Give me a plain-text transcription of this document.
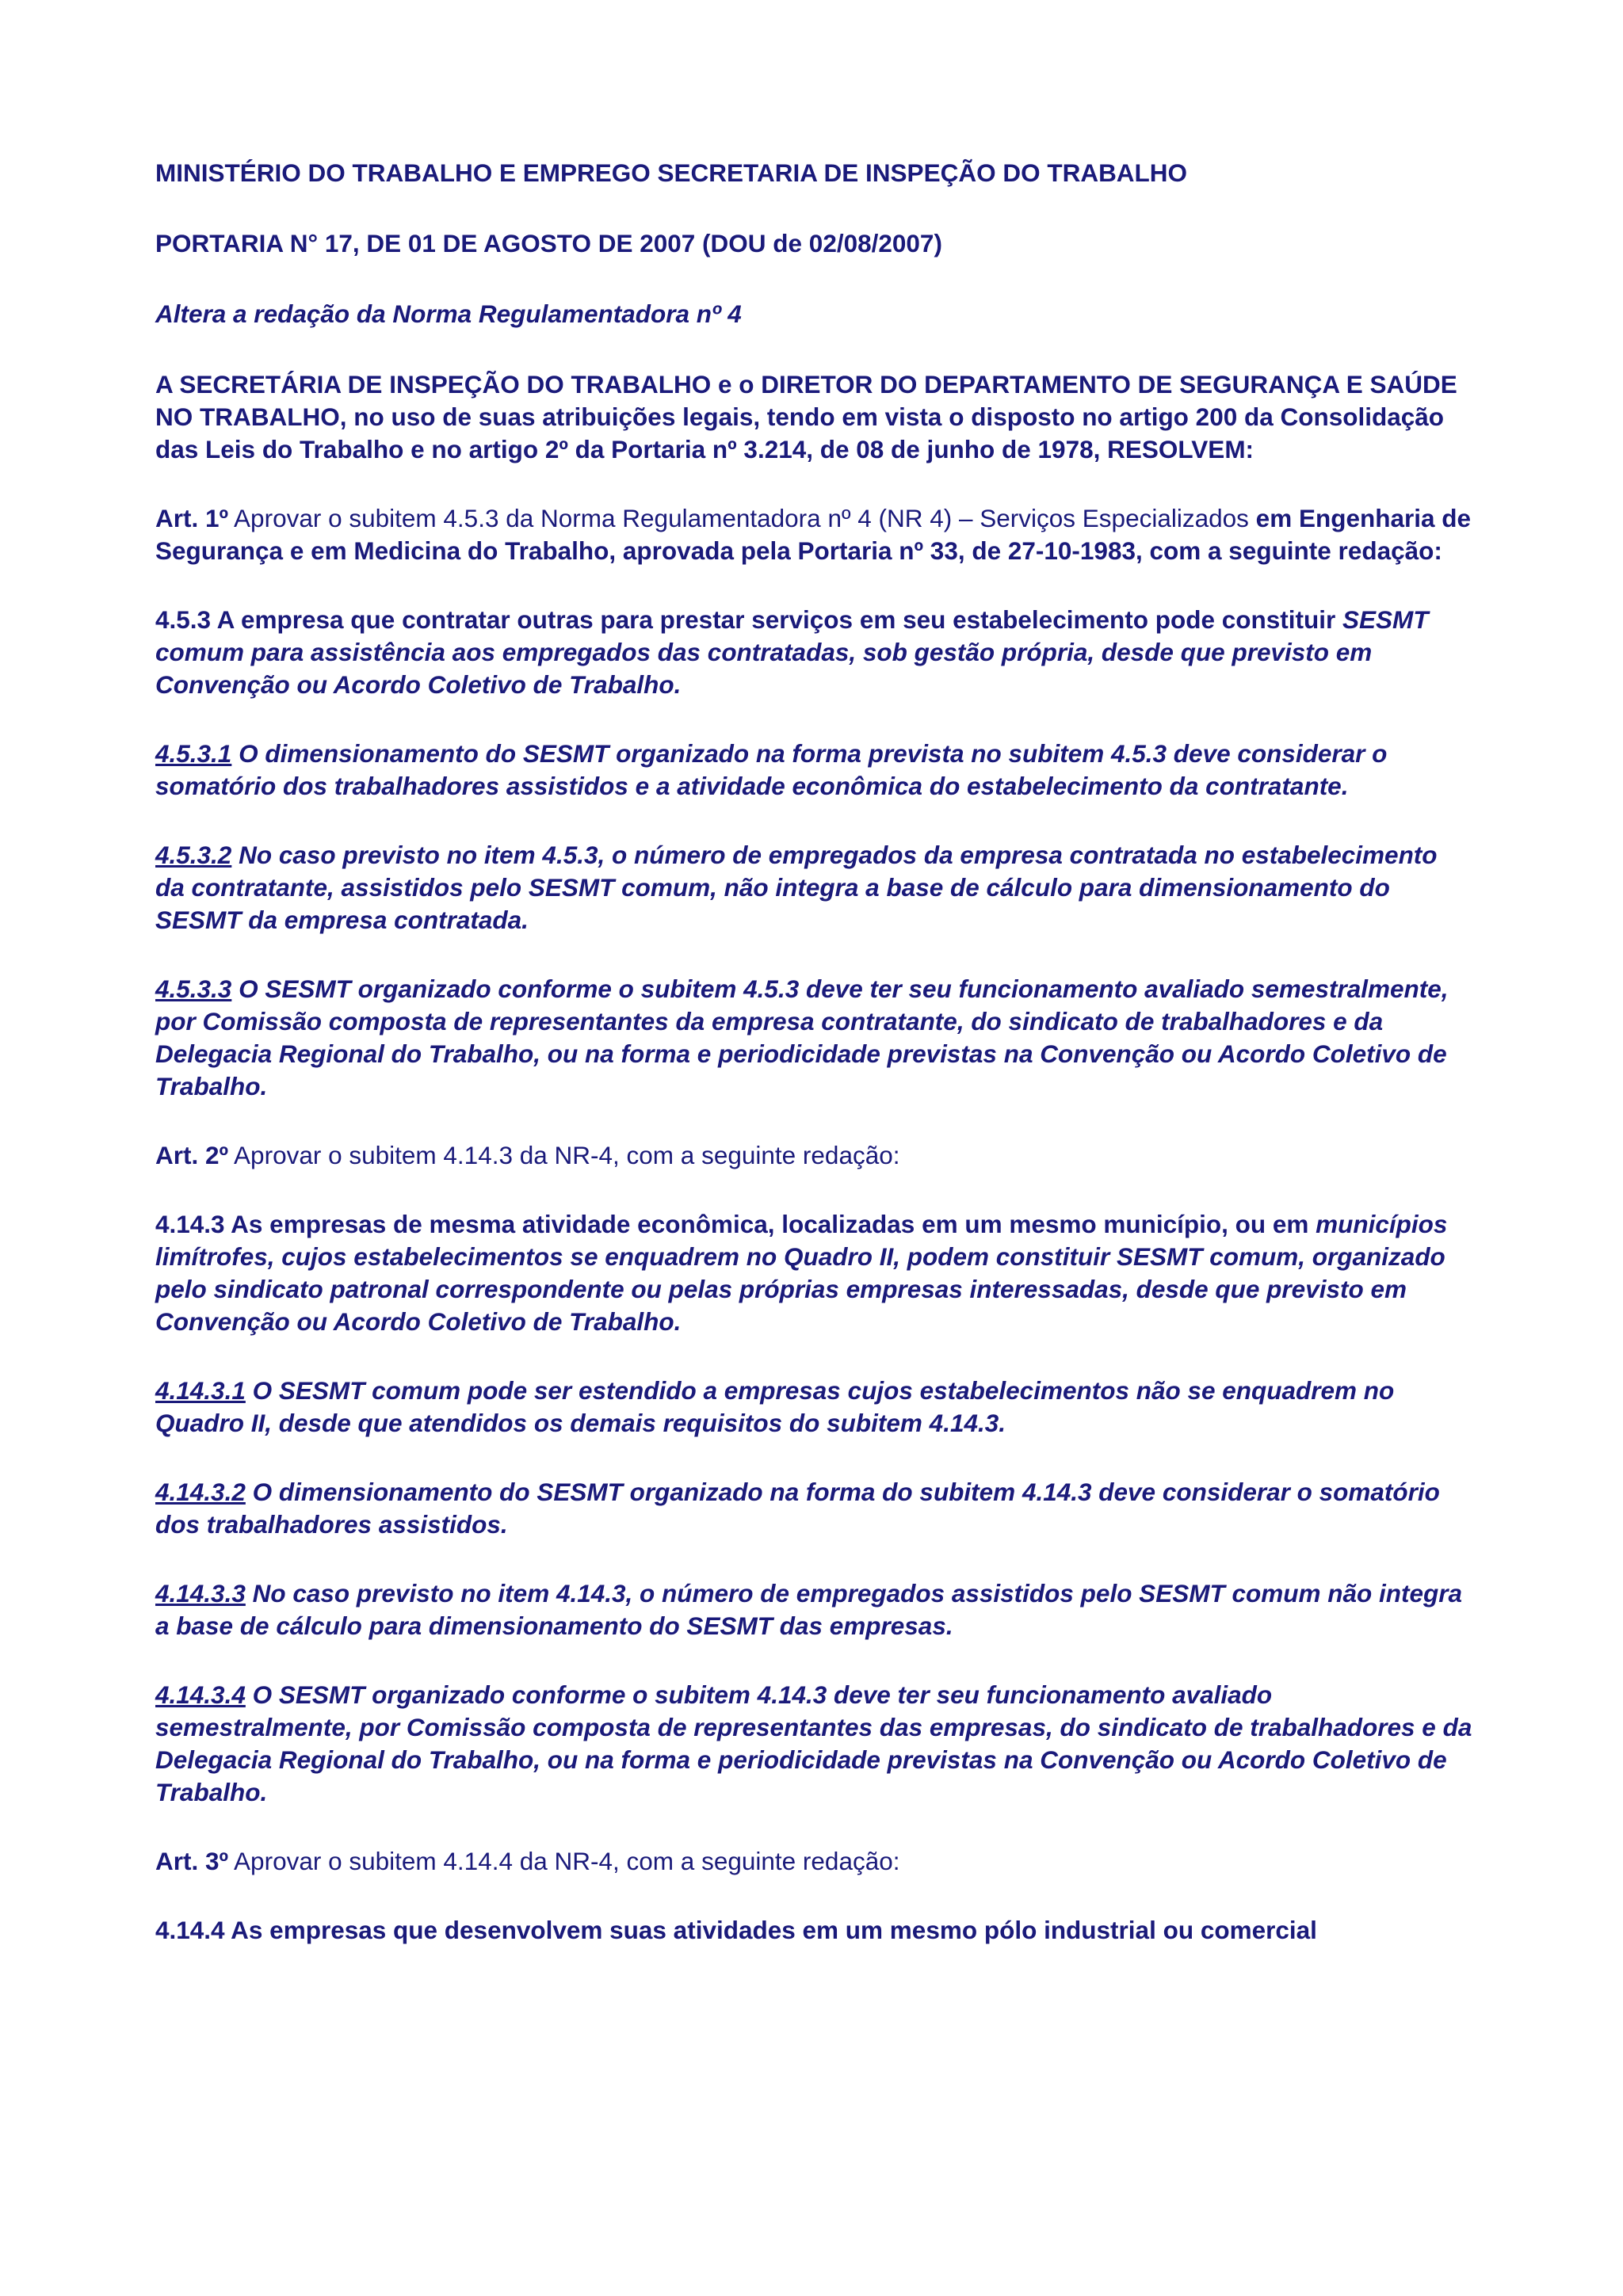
MINISTÉRIO DO TRABALHO E EMPREGO SECRETARIA DE INSPEÇÃO DO TRABALHO

PORTARIA N° 17, DE 01 DE AGOSTO DE 2007 (DOU de 02/08/2007)

Altera a redação da Norma Regulamentadora nº 4

A SECRETÁRIA DE INSPEÇÃO DO TRABALHO e o DIRETOR DO DEPARTAMENTO DE SEGURANÇA E SAÚDE NO TRABALHO, no uso de suas atribuições legais, tendo em vista o disposto no artigo 200 da Consolidação das Leis do Trabalho e no artigo 2º da Portaria nº 3.214, de 08 de junho de 1978, RESOLVEM:

Art. 1º Aprovar o subitem 4.5.3 da Norma Regulamentadora nº 4 (NR 4) – Serviços Especializados em Engenharia de Segurança e em Medicina do Trabalho, aprovada pela Portaria nº 33, de 27-10-1983, com a seguinte redação:

4.5.3 A empresa que contratar outras para prestar serviços em seu estabelecimento pode constituir SESMT comum para assistência aos empregados das contratadas, sob gestão própria, desde que previsto em Convenção ou Acordo Coletivo de Trabalho.

4.5.3.1 O dimensionamento do SESMT organizado na forma prevista no subitem 4.5.3 deve considerar o somatório dos trabalhadores assistidos e a atividade econômica do estabelecimento da contratante.

4.5.3.2 No caso previsto no item 4.5.3, o número de empregados da empresa contratada no estabelecimento da contratante, assistidos pelo SESMT comum, não integra a base de cálculo para dimensionamento do SESMT da empresa contratada.

4.5.3.3 O SESMT organizado conforme o subitem 4.5.3 deve ter seu funcionamento avaliado semestralmente, por Comissão composta de representantes da empresa contratante, do sindicato de trabalhadores e da Delegacia Regional do Trabalho, ou na forma e periodicidade previstas na Convenção ou Acordo Coletivo de Trabalho.

Art. 2º Aprovar o subitem 4.14.3 da NR-4, com a seguinte redação:

4.14.3 As empresas de mesma atividade econômica, localizadas em um mesmo município, ou em municípios limítrofes, cujos estabelecimentos se enquadrem no Quadro II, podem constituir SESMT comum, organizado pelo sindicato patronal correspondente ou pelas próprias empresas interessadas, desde que previsto em Convenção ou Acordo Coletivo de Trabalho.

4.14.3.1 O SESMT comum pode ser estendido a empresas cujos estabelecimentos não se enquadrem no Quadro II, desde que atendidos os demais requisitos do subitem 4.14.3.

4.14.3.2 O dimensionamento do SESMT organizado na forma do subitem 4.14.3 deve considerar o somatório dos trabalhadores assistidos.

4.14.3.3 No caso previsto no item 4.14.3, o número de empregados assistidos pelo SESMT comum não integra a base de cálculo para dimensionamento do SESMT das empresas.

4.14.3.4 O SESMT organizado conforme o subitem 4.14.3 deve ter seu funcionamento avaliado semestralmente, por Comissão composta de representantes das empresas, do sindicato de trabalhadores e da Delegacia Regional do Trabalho, ou na forma e periodicidade previstas na Convenção ou Acordo Coletivo de Trabalho.

Art. 3º Aprovar o subitem 4.14.4 da NR-4, com a seguinte redação:

4.14.4 As empresas que desenvolvem suas atividades em um mesmo pólo industrial ou comercial
